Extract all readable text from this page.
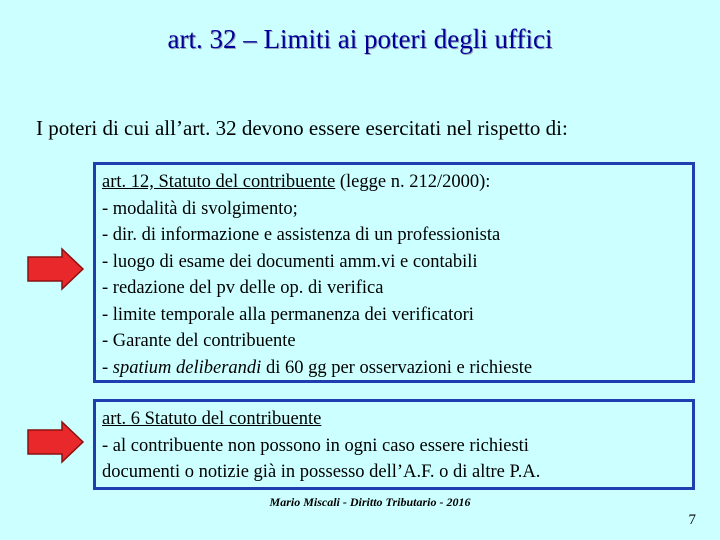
art. 32 – Limiti ai poteri degli uffici
I poteri di cui all’art. 32 devono essere esercitati nel rispetto di:
art. 12, Statuto del contribuente (legge n. 212/2000):
- modalità di svolgimento;
- dir. di informazione e assistenza di un professionista
- luogo di esame dei documenti amm.vi e contabili
- redazione del pv delle op. di verifica
- limite temporale alla permanenza dei verificatori
- Garante del contribuente
- spatium deliberandi di 60 gg per osservazioni e richieste
art. 6 Statuto del contribuente
- al contribuente non possono in ogni caso essere richiesti
documenti o notizie già in possesso dell’A.F. o di altre P.A.
Mario Miscali - Diritto Tributario - 2016
7
